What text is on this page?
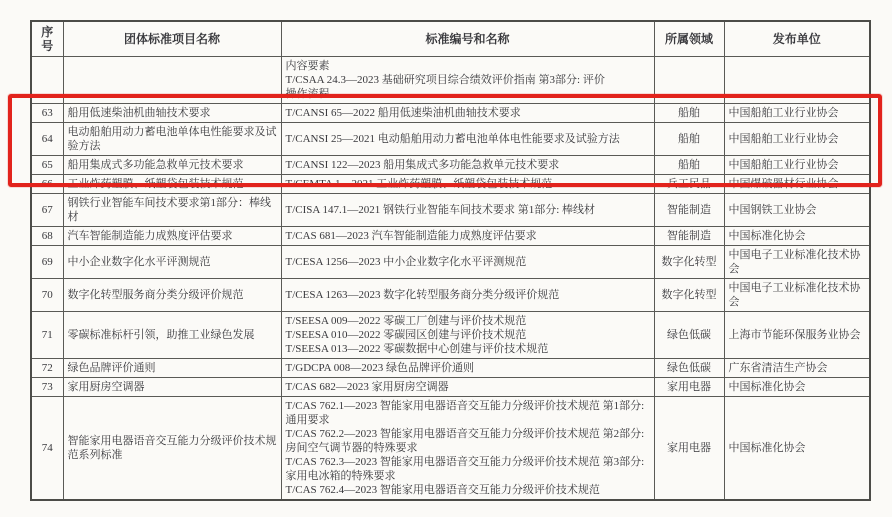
序号	团体标准项目名称	标准编号和名称	所属领域	发布单位

		内容要素
T/CSAA 24.3—2023 基础研究项目综合绩效评价指南 第3部分: 评价
操作流程		

63	船用低速柴油机曲轴技术要求	T/CANSI 65—2022 船用低速柴油机曲轴技术要求	船舶	中国船舶工业行业协会
64	电动船舶用动力蓄电池单体电性能要求及试验方法	T/CANSI 25—2021 电动船舶用动力蓄电池单体电性能要求及试验方法	船舶	中国船舶工业行业协会
65	船用集成式多功能急救单元技术要求	T/CANSI 122—2023 船用集成式多功能急救单元技术要求	船舶	中国船舶工业行业协会
66	工业炸药塑膜、纸塑袋包装技术规范	T/CEMTA 1—2021 工业炸药塑膜、纸塑袋包装技术规范	兵工民品	中国爆破器材行业协会
67	钢铁行业智能车间技术要求第1部分：棒线材	T/CISA 147.1—2021 钢铁行业智能车间技术要求 第1部分: 棒线材	智能制造	中国钢铁工业协会
68	汽车智能制造能力成熟度评估要求	T/CAS 681—2023 汽车智能制造能力成熟度评估要求	智能制造	中国标准化协会
69	中小企业数字化水平评测规范	T/CESA 1256—2023 中小企业数字化水平评测规范	数字化转型	中国电子工业标准化技术协会
70	数字化转型服务商分类分级评价规范	T/CESA 1263—2023 数字化转型服务商分类分级评价规范	数字化转型	中国电子工业标准化技术协会
71	零碳标准标杆引领，助推工业绿色发展	T/SEESA 009—2022 零碳工厂创建与评价技术规范
T/SEESA 010—2022 零碳园区创建与评价技术规范
T/SEESA 013—2022 零碳数据中心创建与评价技术规范	绿色低碳	上海市节能环保服务业协会
72	绿色品牌评价通则	T/GDCPA 008—2023 绿色品牌评价通则	绿色低碳	广东省清洁生产协会
73	家用厨房空调器	T/CAS 682—2023 家用厨房空调器	家用电器	中国标准化协会
74	智能家用电器语音交互能力分级评价技术规范系列标准	T/CAS 762.1—2023 智能家用电器语音交互能力分级评价技术规范 第1部分: 通用要求
T/CAS 762.2—2023 智能家用电器语音交互能力分级评价技术规范 第2部分: 房间空气调节器的特殊要求
T/CAS 762.3—2023 智能家用电器语音交互能力分级评价技术规范 第3部分: 家用电冰箱的特殊要求
T/CAS 762.4—2023 智能家用电器语音交互能力分级评价技术规范	家用电器	中国标准化协会
